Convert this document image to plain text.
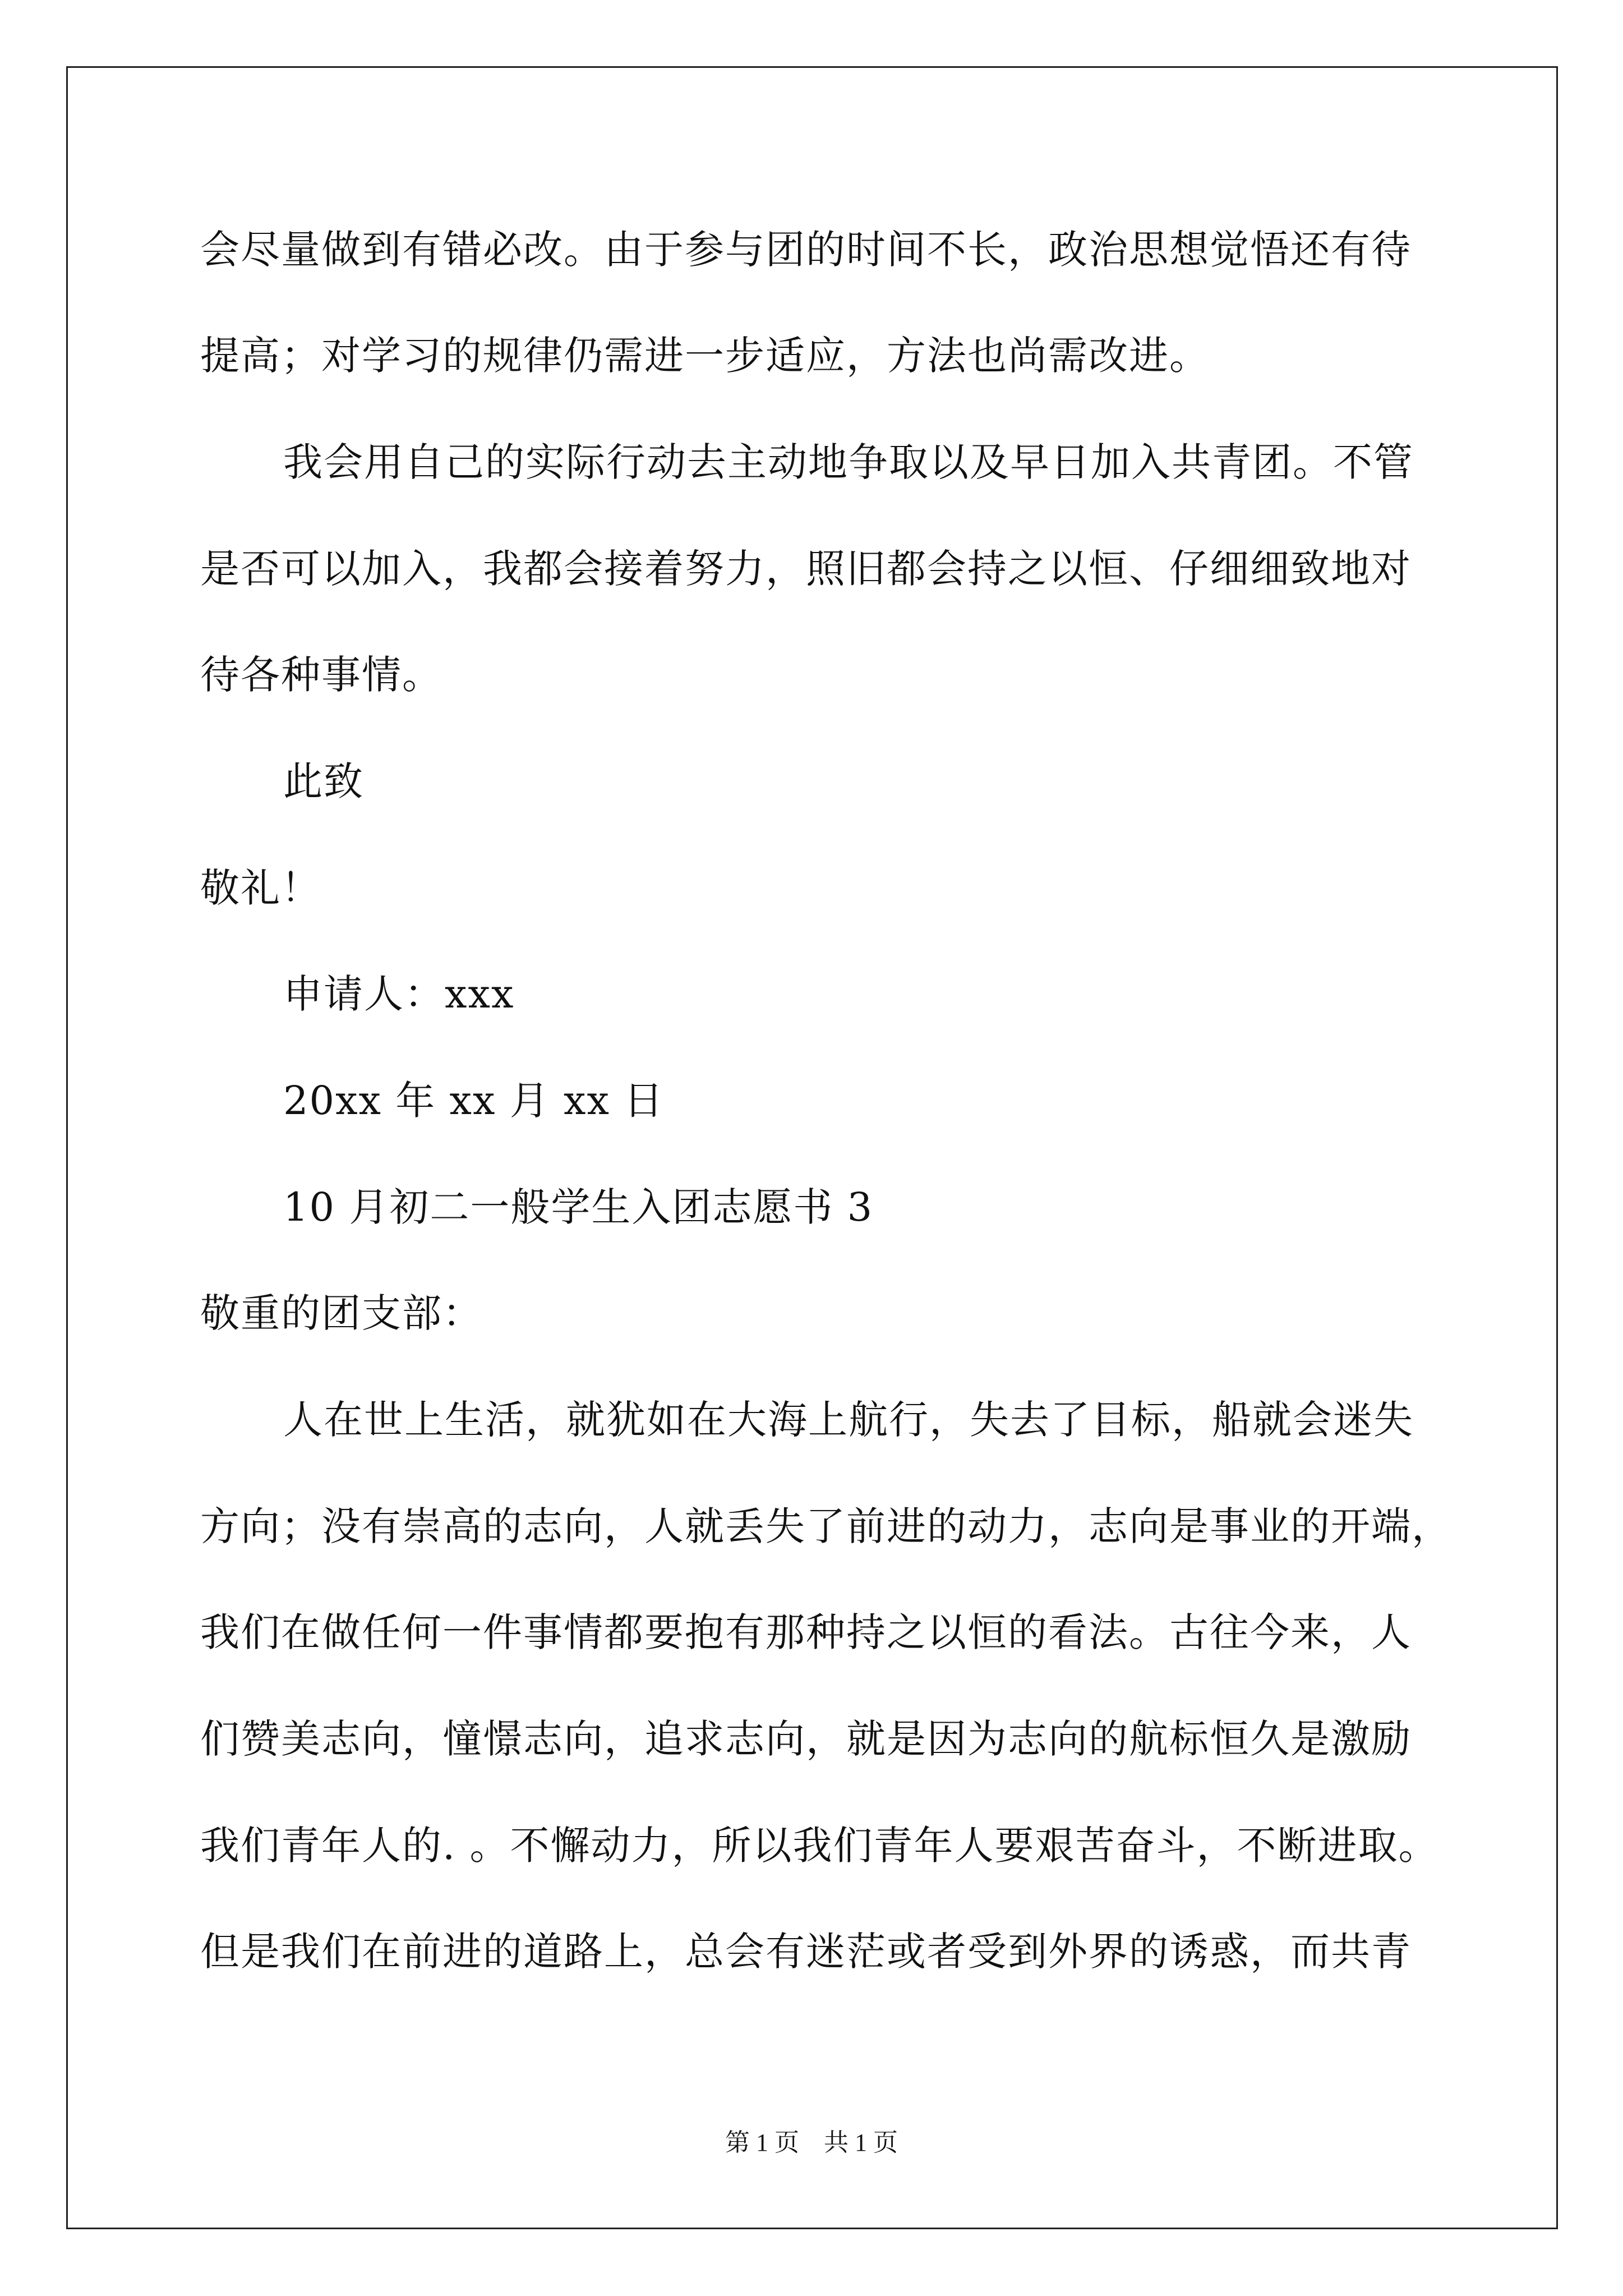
会尽量做到有错必改。由于参与团的时间不长，政治思想觉悟还有待
提高；对学习的规律仍需进一步适应，方法也尚需改进。
我会用自己的实际行动去主动地争取以及早日加入共青团。不管
是否可以加入，我都会接着努力，照旧都会持之以恒、仔细细致地对
待各种事情。
此致
敬礼！
申请人：xxx
20xx 年 xx 月 xx 日
10 月初二一般学生入团志愿书 3
敬重的团支部：
人在世上生活，就犹如在大海上航行，失去了目标，船就会迷失
方向；没有崇高的志向，人就丢失了前进的动力，志向是事业的开端，
我们在做任何一件事情都要抱有那种持之以恒的看法。古往今来，人
们赞美志向，憧憬志向，追求志向，就是因为志向的航标恒久是激励
我们青年人的. 。不懈动力，所以我们青年人要艰苦奋斗，不断进取。
但是我们在前进的道路上，总会有迷茫或者受到外界的诱惑，而共青
第 1 页　共 1 页
